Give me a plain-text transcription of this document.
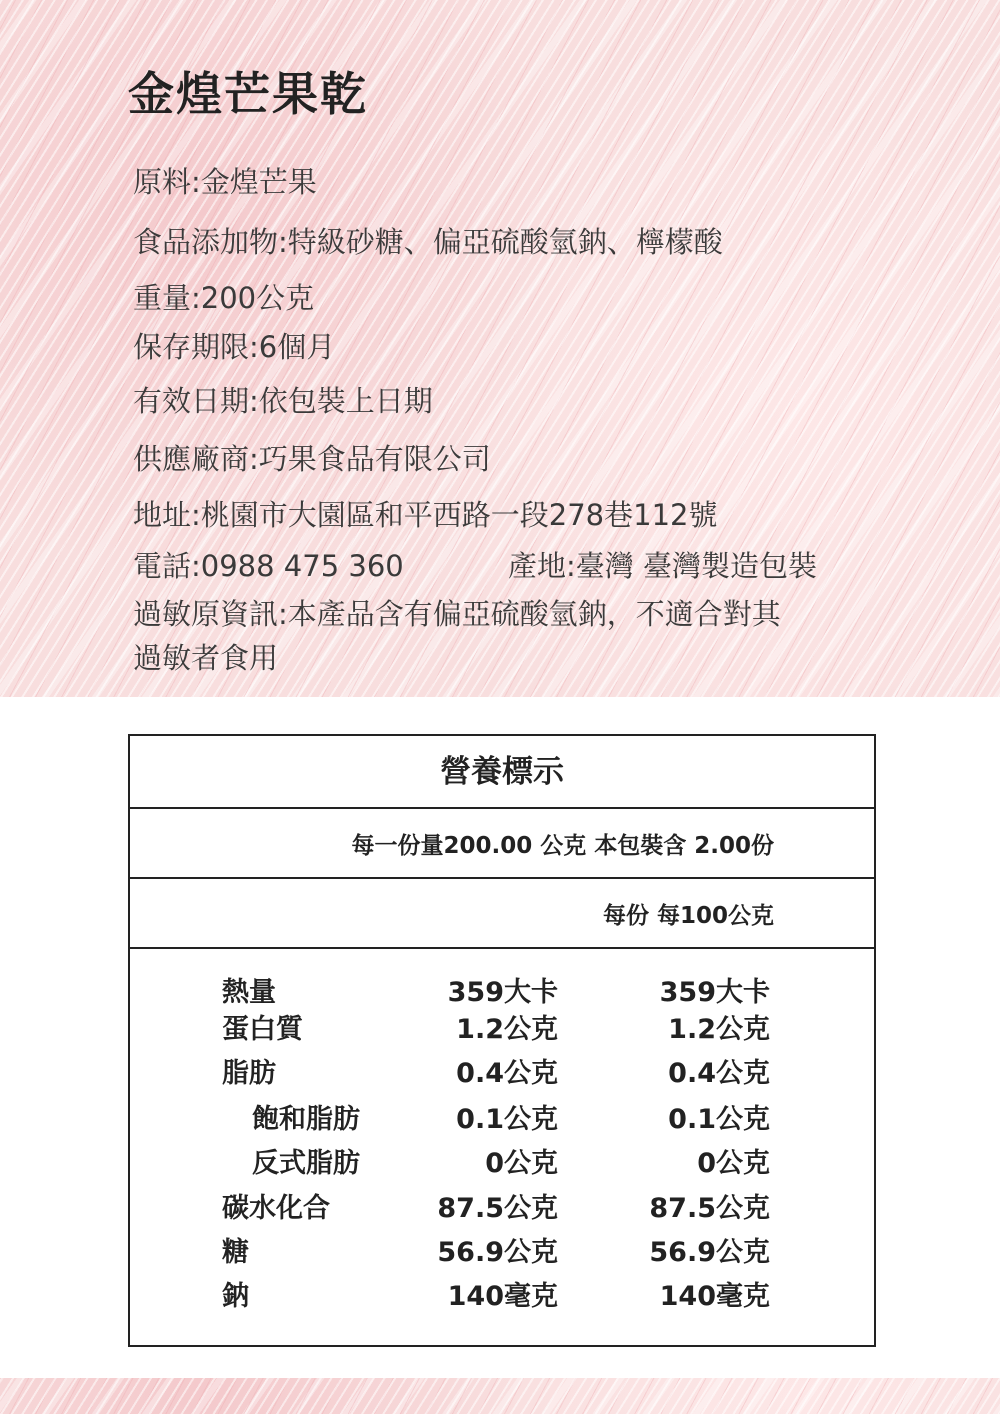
金煌芒果乾
原料:金煌芒果
食品添加物:特級砂糖、偏亞硫酸氫鈉、檸檬酸
重量:200公克
保存期限:6個月
有效日期:依包裝上日期
供應廠商:巧果食品有限公司
地址:桃園市大園區和平西路一段278巷112號
電話:0988 475 360	產地:臺灣 臺灣製造包裝
過敏原資訊:本產品含有偏亞硫酸氫鈉，不適合對其
過敏者食用
營養標示
每一份量200.00 公克 本包裝含 2.00份
每份 每100公克
熱量	359大卡	359大卡
蛋白質	1.2公克	1.2公克
脂肪	0.4公克	0.4公克
飽和脂肪	0.1公克	0.1公克
反式脂肪	0公克	0公克
碳水化合	87.5公克	87.5公克
糖	56.9公克	56.9公克
鈉	140毫克	140毫克
